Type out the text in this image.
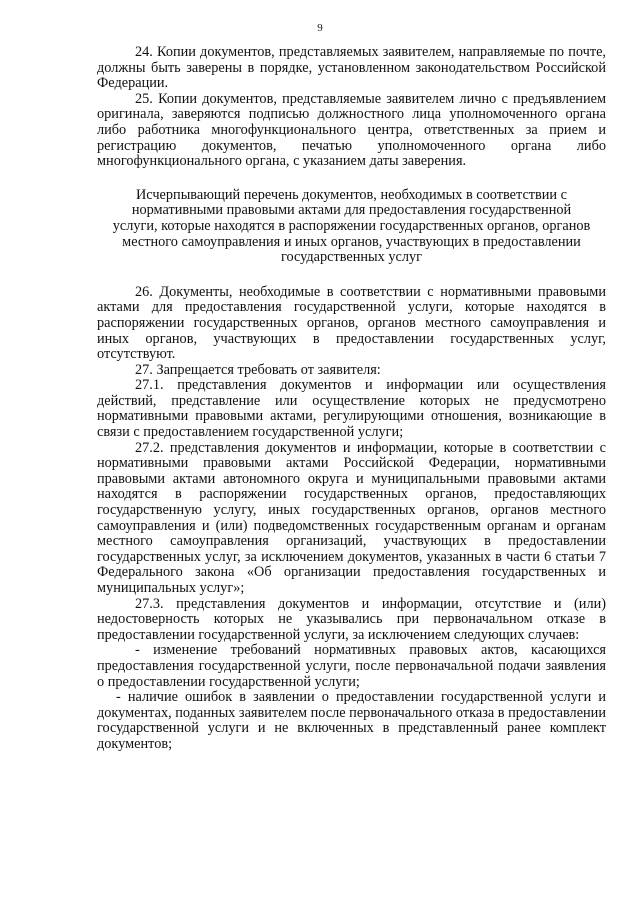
9

24. Копии документов, представляемых заявителем, направляемые по почте, должны быть заверены в порядке, установленном законодательством Российской Федерации.

25. Копии документов, представляемые заявителем лично с предъявлением оригинала, заверяются подписью должностного лица уполномоченного органа либо работника многофункционального центра, ответственных за прием и регистрацию документов, печатью уполномоченного органа либо многофункционального органа, с указанием даты заверения.

Исчерпывающий перечень документов, необходимых в соответствии с нормативными правовыми актами для предоставления государственной услуги, которые находятся в распоряжении государственных органов, органов местного самоуправления и иных органов, участвующих в предоставлении государственных услуг

26. Документы, необходимые в соответствии с нормативными правовыми актами для предоставления государственной услуги, которые находятся в распоряжении государственных органов, органов местного самоуправления и иных органов, участвующих в предоставлении государственных услуг, отсутствуют.

27. Запрещается требовать от заявителя:

27.1. представления документов и информации или осуществления действий, представление или осуществление которых не предусмотрено нормативными правовыми актами, регулирующими отношения, возникающие в связи с предоставлением государственной услуги;

27.2. представления документов и информации, которые в соответствии с нормативными правовыми актами Российской Федерации, нормативными правовыми актами автономного округа и муниципальными правовыми актами находятся в распоряжении государственных органов, предоставляющих государственную услугу, иных государственных органов, органов местного самоуправления и (или) подведомственных государственным органам и органам местного самоуправления организаций, участвующих в предоставлении государственных услуг, за исключением документов, указанных в части 6 статьи 7 Федерального закона «Об организации предоставления государственных и муниципальных услуг»;

27.3. представления документов и информации, отсутствие и (или) недостоверность которых не указывались при первоначальном отказе в предоставлении государственной услуги, за исключением следующих случаев:

- изменение требований нормативных правовых актов, касающихся предоставления государственной услуги, после первоначальной подачи заявления о предоставлении государственной услуги;

- наличие ошибок в заявлении о предоставлении государственной услуги и документах, поданных заявителем после первоначального отказа в предоставлении государственной услуги и не включенных в представленный ранее комплект документов;
